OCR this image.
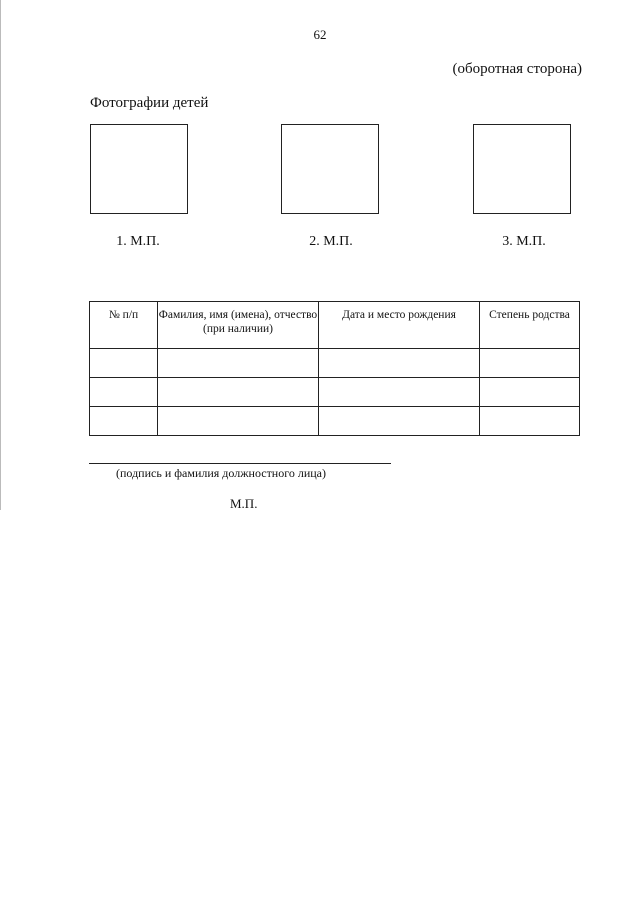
62
(оборотная сторона)
Фотографии детей
1. М.П.	2. М.П.	3. М.П.
№ п/п	Фамилия, имя (имена), отчество (при наличии)	Дата и место рождения	Степень родства

(подпись и фамилия должностного лица)
М.П.
